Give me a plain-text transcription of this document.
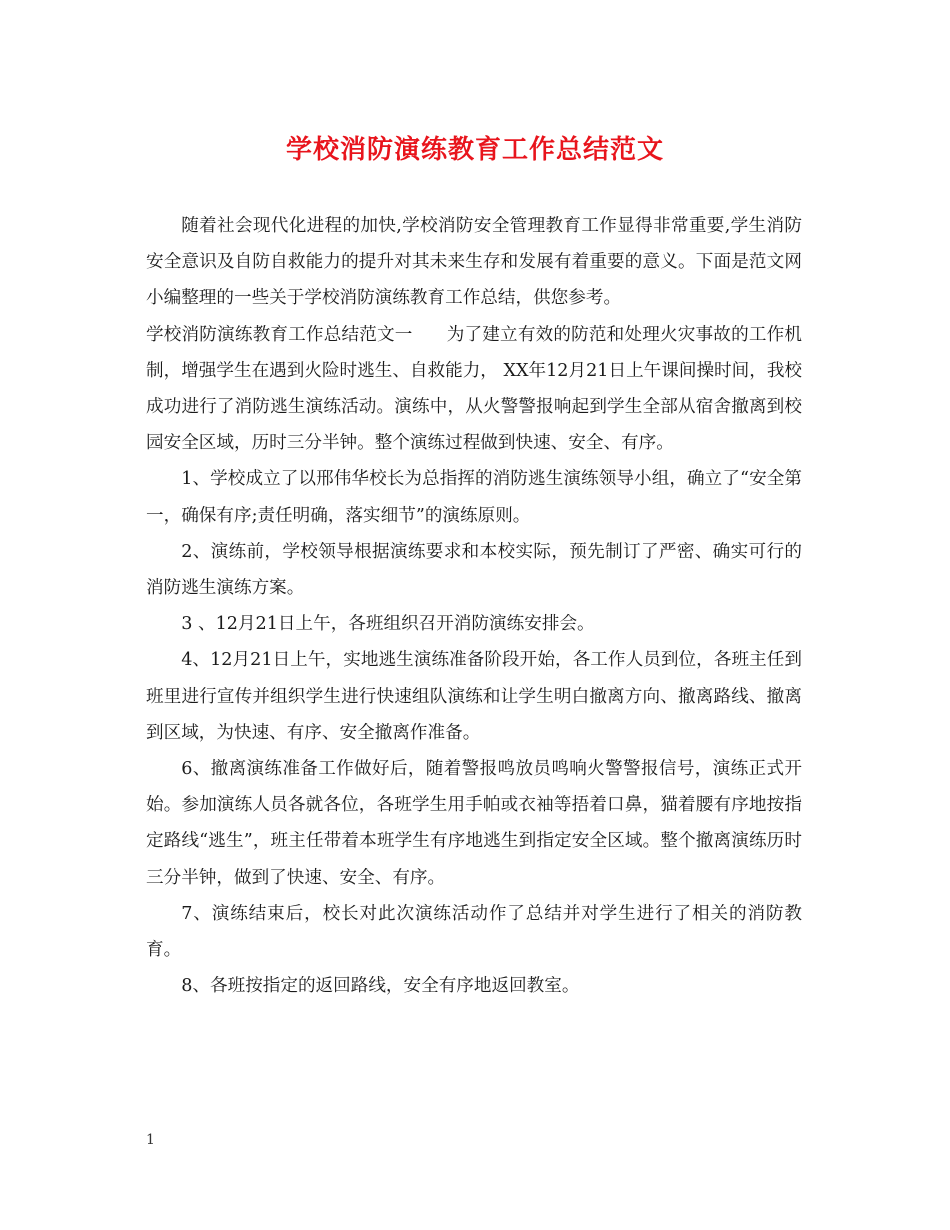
学校消防演练教育工作总结范文

随着社会现代化进程的加快,学校消防安全管理教育工作显得非常重要,学生消防安全意识及自防自救能力的提升对其未来生存和发展有着重要的意义。下面是范文网小编整理的一些关于学校消防演练教育工作总结，供您参考。

学校消防演练教育工作总结范文一 为了建立有效的防范和处理火灾事故的工作机制，增强学生在遇到火险时逃生、自救能力， XX年12月21日上午课间操时间，我校成功进行了消防逃生演练活动。演练中，从火警警报响起到学生全部从宿舍撤离到校园安全区域，历时三分半钟。整个演练过程做到快速、安全、有序。

1、学校成立了以邢伟华校长为总指挥的消防逃生演练领导小组，确立了“安全第一，确保有序;责任明确，落实细节”的演练原则。

2、演练前，学校领导根据演练要求和本校实际，预先制订了严密、确实可行的消防逃生演练方案。

3 、12月21日上午，各班组织召开消防演练安排会。

4、12月21日上午，实地逃生演练准备阶段开始，各工作人员到位，各班主任到班里进行宣传并组织学生进行快速组队演练和让学生明白撤离方向、撤离路线、撤离到区域，为快速、有序、安全撤离作准备。

6、撤离演练准备工作做好后，随着警报鸣放员鸣响火警警报信号，演练正式开始。参加演练人员各就各位，各班学生用手帕或衣袖等捂着口鼻，猫着腰有序地按指定路线“逃生”，班主任带着本班学生有序地逃生到指定安全区域。整个撤离演练历时三分半钟，做到了快速、安全、有序。

7、演练结束后，校长对此次演练活动作了总结并对学生进行了相关的消防教育。

8、各班按指定的返回路线，安全有序地返回教室。

1
